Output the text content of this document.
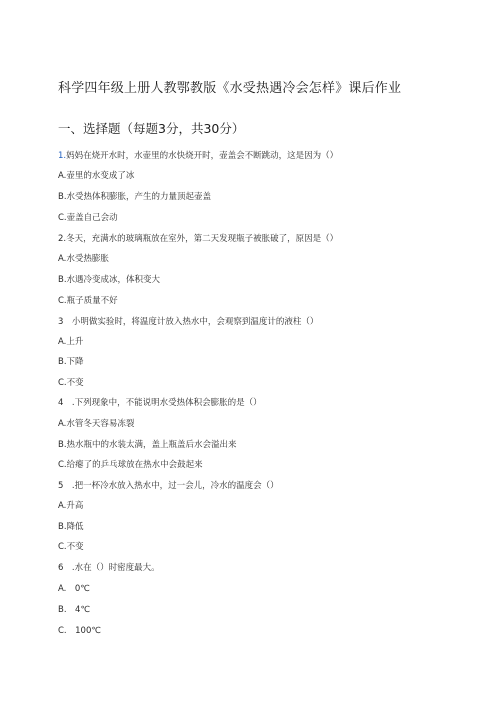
科学四年级上册人教鄂教版《水受热遇冷会怎样》课后作业
一、选择题（每题3分，共30分）
1.妈妈在烧开水时，水壶里的水快烧开时，壶盖会不断跳动，这是因为（）
A.壶里的水变成了冰
B.水受热体积膨胀，产生的力量顶起壶盖
C.壶盖自己会动
2.冬天，充满水的玻璃瓶放在室外，第二天发现瓶子被胀破了，原因是（）
A.水受热膨胀
B.水遇冷变成冰，体积变大
C.瓶子质量不好
3　小明做实验时，将温度计放入热水中，会观察到温度计的液柱（）
A.上升
B.下降
C.不变
4　.下列现象中，不能说明水受热体积会膨胀的是（）
A.水管冬天容易冻裂
B.热水瓶中的水装太满，盖上瓶盖后水会溢出来
C.给瘪了的乒乓球放在热水中会鼓起来
5　.把一杯冷水放入热水中，过一会儿，冷水的温度会（）
A.升高
B.降低
C.不变
6　.水在（）时密度最大。
A.　0℃
B.　4℃
C.　100℃
